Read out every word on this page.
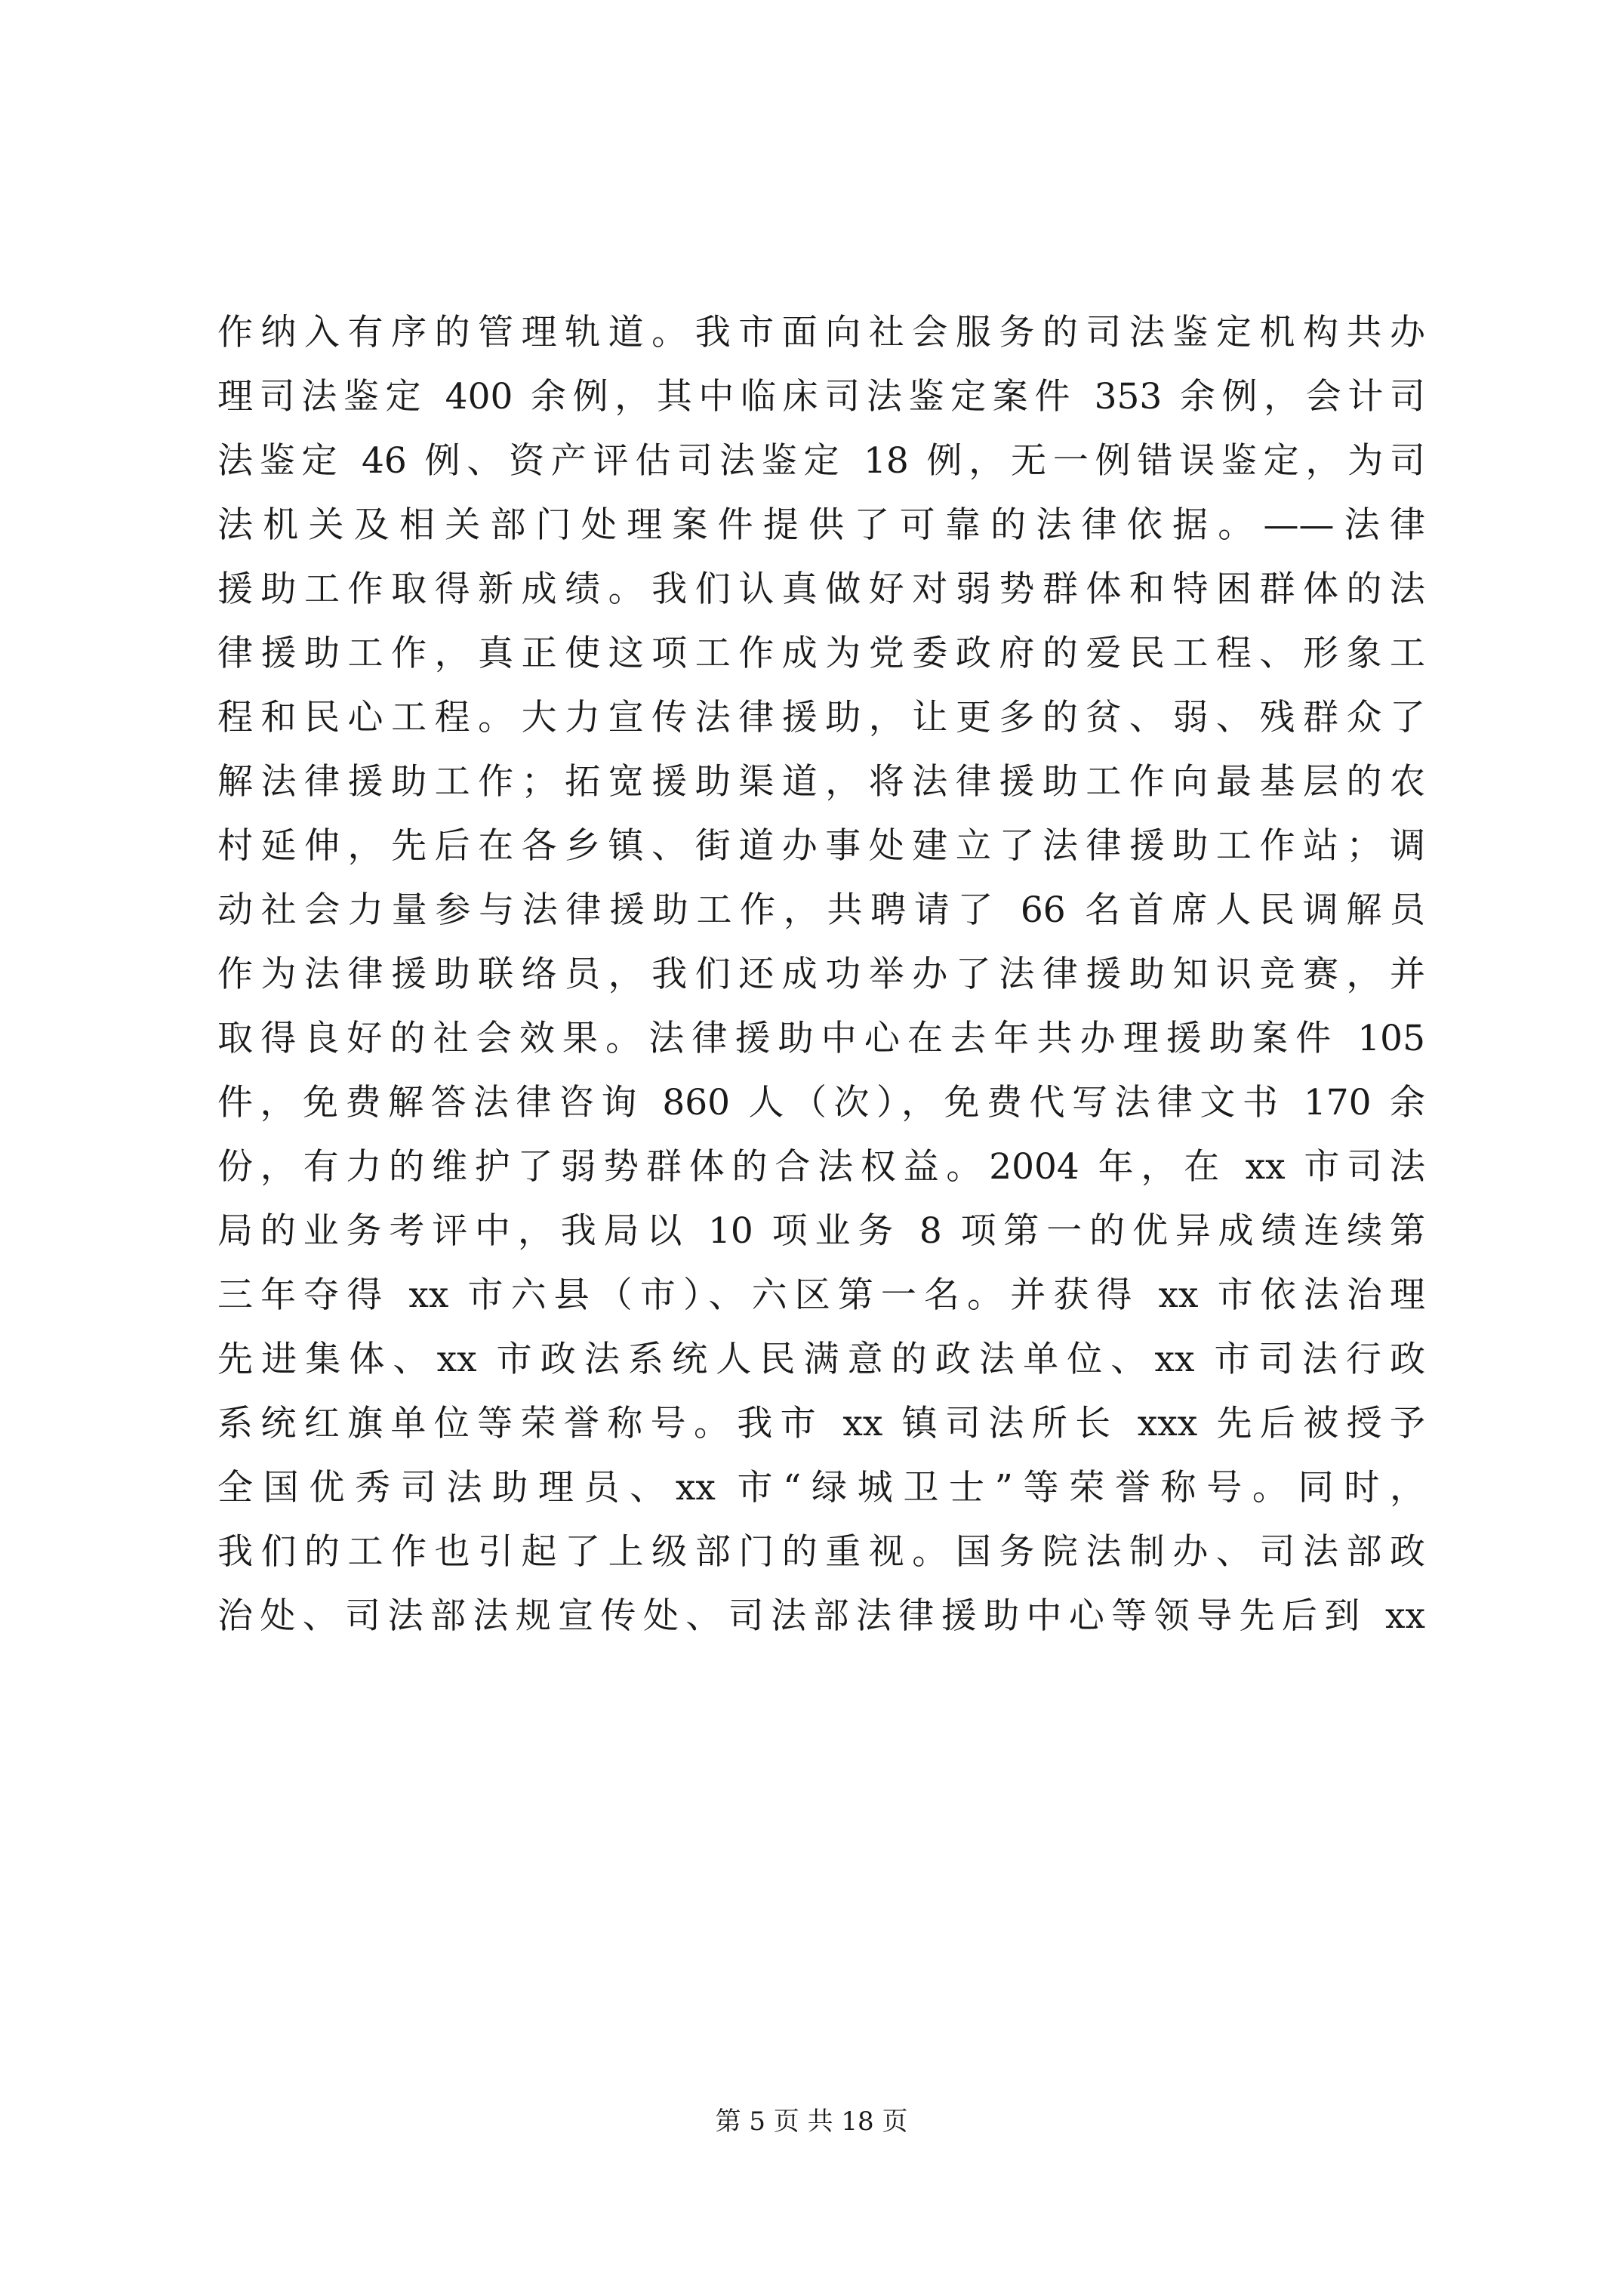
作纳入有序的管理轨道。我市面向社会服务的司法鉴定机构共办
理司法鉴定 400 余例，其中临床司法鉴定案件 353 余例，会计司
法鉴定 46 例、资产评估司法鉴定 18 例，无一例错误鉴定，为司
法机关及相关部门处理案件提供了可靠的法律依据。——法律
援助工作取得新成绩。我们认真做好对弱势群体和特困群体的法
律援助工作，真正使这项工作成为党委政府的爱民工程、形象工
程和民心工程。大力宣传法律援助，让更多的贫、弱、残群众了
解法律援助工作；拓宽援助渠道，将法律援助工作向最基层的农
村延伸，先后在各乡镇、街道办事处建立了法律援助工作站；调
动社会力量参与法律援助工作，共聘请了 66 名首席人民调解员
作为法律援助联络员，我们还成功举办了法律援助知识竞赛，并
取得良好的社会效果。法律援助中心在去年共办理援助案件 105
件，免费解答法律咨询 860 人（次），免费代写法律文书 170 余
份，有力的维护了弱势群体的合法权益。2004 年，在 xx 市司法
局的业务考评中，我局以 10 项业务 8 项第一的优异成绩连续第
三年夺得 xx 市六县（市）、六区第一名。并获得 xx 市依法治理
先进集体、xx 市政法系统人民满意的政法单位、xx 市司法行政
系统红旗单位等荣誉称号。我市 xx 镇司法所长 xxx 先后被授予
全国优秀司法助理员、xx 市“绿城卫士”等荣誉称号。同时，
我们的工作也引起了上级部门的重视。国务院法制办、司法部政
治处、司法部法规宣传处、司法部法律援助中心等领导先后到 xx
第 5 页 共 18 页
